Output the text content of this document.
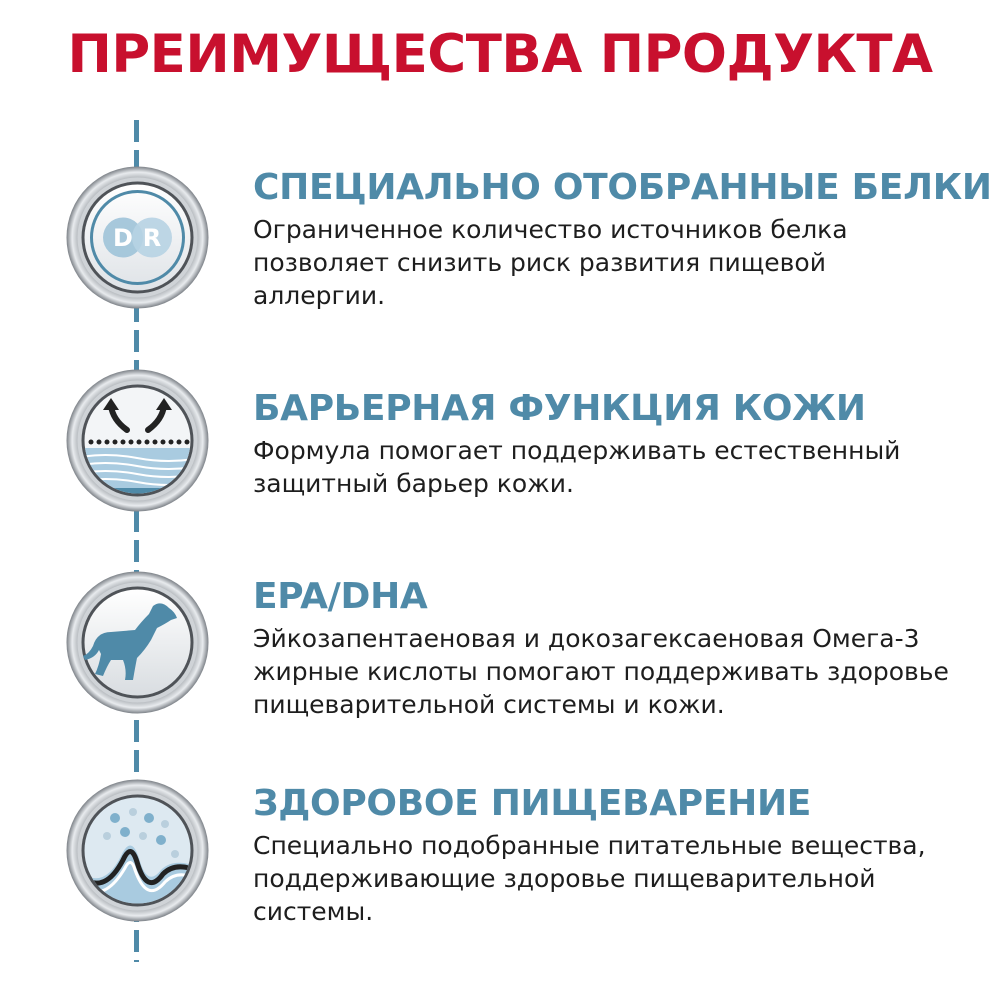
ПРЕИМУЩЕСТВА ПРОДУКТА
D R
СПЕЦИАЛЬНО ОТОБРАННЫЕ БЕЛКИ
Ограниченное количество источников белка
позволяет снизить риск развития пищевой
аллергии.
БАРЬЕРНАЯ ФУНКЦИЯ КОЖИ
Формула помогает поддерживать естественный
защитный барьер кожи.
EPA/DHA
Эйкозапентаеновая и докозагексаеновая Омега-3
жирные кислоты помогают поддерживать здоровье
пищеварительной системы и кожи.
ЗДОРОВОЕ ПИЩЕВАРЕНИЕ
Специально подобранные питательные вещества,
поддерживающие здоровье пищеварительной
системы.
